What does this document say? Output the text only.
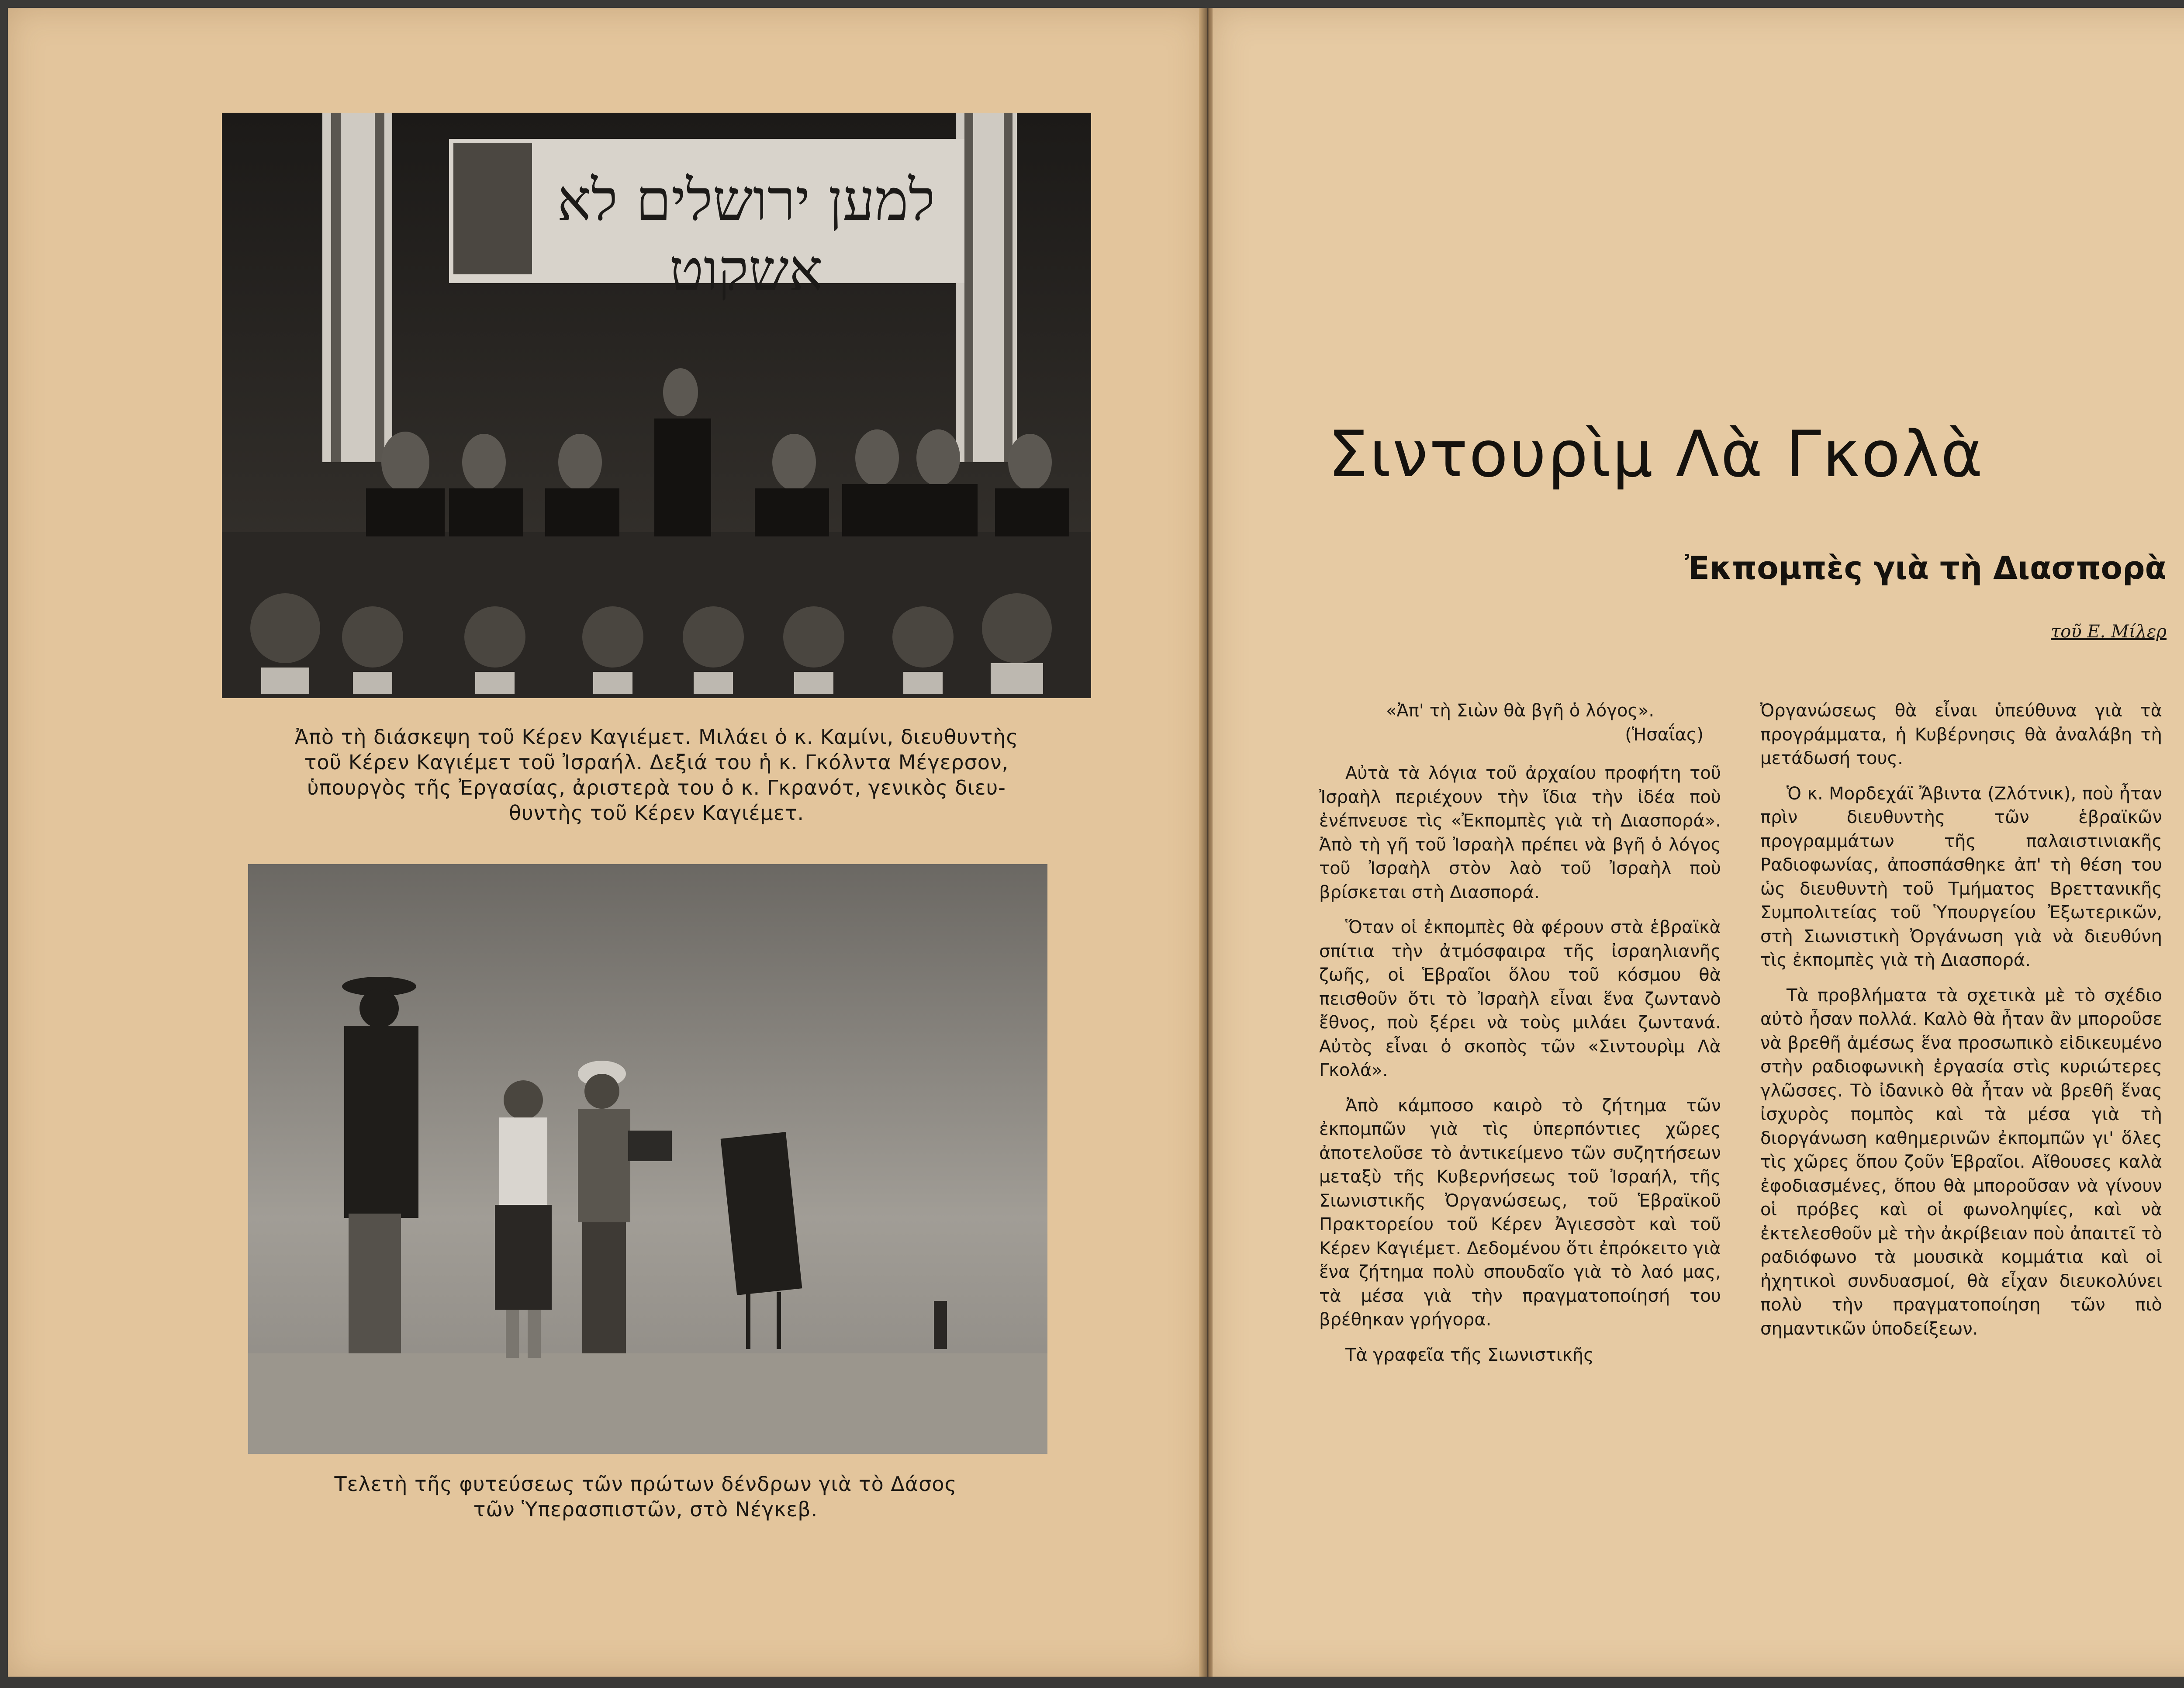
למען ירושלים לא אשקוט
Ἀπὸ τὴ διάσκεψη τοῦ Κέρεν Καγιέμετ. Μιλάει ὁ κ. Καμίνι, διευθυντὴς
τοῦ Κέρεν Καγιέμετ τοῦ Ἰσραήλ. Δεξιά του ἡ κ. Γκόλντα Μέγερσον,
ὑπουργὸς τῆς Ἐργασίας, ἀριστερὰ του ὁ κ. Γκρανότ, γενικὸς διευ-
θυντὴς τοῦ Κέρεν Καγιέμετ.
Τελετὴ τῆς φυτεύσεως τῶν πρώτων δένδρων γιὰ τὸ Δάσος
τῶν Ὑπερασπιστῶν, στὸ Νέγκεβ.
Σιντουρὶμ Λὰ Γκολὰ
Ἐκπομπὲς γιὰ τὴ Διασπορὰ
τοῦ Ε. Μίλερ
«Ἀπ' τὴ Σιὼν θὰ βγῆ ὁ λόγος».
(Ἡσαΐας)

Αὐτὰ τὰ λόγια τοῦ ἀρχαίου προφήτη τοῦ Ἰσραὴλ περιέχουν τὴν ἴδια τὴν ἰδέα ποὺ ἐνέπνευσε τὶς «Ἐκπομπὲς γιὰ τὴ Διασπορά». Ἀπὸ τὴ γῆ τοῦ Ἰσραὴλ πρέπει νὰ βγῆ ὁ λόγος τοῦ Ἰσραὴλ στὸν λαὸ τοῦ Ἰσραὴλ ποὺ βρίσκεται στὴ Διασπορά.

Ὅταν οἱ ἐκπομπὲς θὰ φέρουν στὰ ἑβραϊκὰ σπίτια τὴν ἀτμόσφαιρα τῆς ἰσραηλιανῆς ζωῆς, οἱ Ἑβραῖοι ὅλου τοῦ κόσμου θὰ πεισθοῦν ὅτι τὸ Ἰσραὴλ εἶναι ἕνα ζωντανὸ ἔθνος, ποὺ ξέρει νὰ τοὺς μιλάει ζωντανά. Αὐτὸς εἶναι ὁ σκοπὸς τῶν «Σιντουρὶμ Λὰ Γκολά».

Ἀπὸ κάμποσο καιρὸ τὸ ζήτημα τῶν ἐκπομπῶν γιὰ τὶς ὑπερπόντιες χῶρες ἀποτελοῦσε τὸ ἀντικείμενο τῶν συζητήσεων μεταξὺ τῆς Κυβερνήσεως τοῦ Ἰσραήλ, τῆς Σιωνιστικῆς Ὀργανώσεως, τοῦ Ἑβραϊκοῦ Πρακτορείου τοῦ Κέρεν Ἀγιεσσὸτ καὶ τοῦ Κέρεν Καγιέμετ. Δεδομένου ὅτι ἐπρόκειτο γιὰ ἕνα ζήτημα πολὺ σπουδαῖο γιὰ τὸ λαό μας, τὰ μέσα γιὰ τὴν πραγματοποίησή του βρέθηκαν γρήγορα.

Τὰ γραφεῖα τῆς Σιωνιστικῆς

Ὀργανώσεως θὰ εἶναι ὑπεύθυνα γιὰ τὰ προγράμματα, ἡ Κυβέρνησις θὰ ἀναλάβη τὴ μετάδωσή τους.

Ὁ κ. Μορδεχάϊ Ἄβιντα (Ζλότνικ), ποὺ ἦταν πρὶν διευθυντὴς τῶν ἑβραϊκῶν προγραμμάτων τῆς παλαιστινιακῆς Ραδιοφωνίας, ἀποσπάσθηκε ἀπ' τὴ θέση του ὡς διευθυντὴ τοῦ Τμήματος Βρεττανικῆς Συμπολιτείας τοῦ Ὑπουργείου Ἐξωτερικῶν, στὴ Σιωνιστικὴ Ὀργάνωση γιὰ νὰ διευθύνη τὶς ἐκπομπὲς γιὰ τὴ Διασπορά.

Τὰ προβλήματα τὰ σχετικὰ μὲ τὸ σχέδιο αὐτὸ ἦσαν πολλά. Καλὸ θὰ ἦταν ἂν μποροῦσε νὰ βρεθῆ ἀμέσως ἕνα προσωπικὸ εἰδικευμένο στὴν ραδιοφωνικὴ ἐργασία στὶς κυριώτερες γλῶσσες. Τὸ ἰδανικὸ θὰ ἦταν νὰ βρεθῆ ἕνας ἰσχυρὸς πομπὸς καὶ τὰ μέσα γιὰ τὴ διοργάνωση καθημερινῶν ἐκπομπῶν γι' ὅλες τὶς χῶρες ὅπου ζοῦν Ἑβραῖοι. Αἴθουσες καλὰ ἐφοδιασμένες, ὅπου θὰ μποροῦσαν νὰ γίνουν οἱ πρόβες καὶ οἱ φωνοληψίες, καὶ νὰ ἐκτελεσθοῦν μὲ τὴν ἀκρίβειαν ποὺ ἀπαιτεῖ τὸ ραδιόφωνο τὰ μουσικὰ κομμάτια καὶ οἱ ἠχητικοὶ συνδυασμοί, θὰ εἶχαν διευκολύνει πολὺ τὴν πραγματοποίηση τῶν πιὸ σημαντικῶν ὑποδείξεων.
